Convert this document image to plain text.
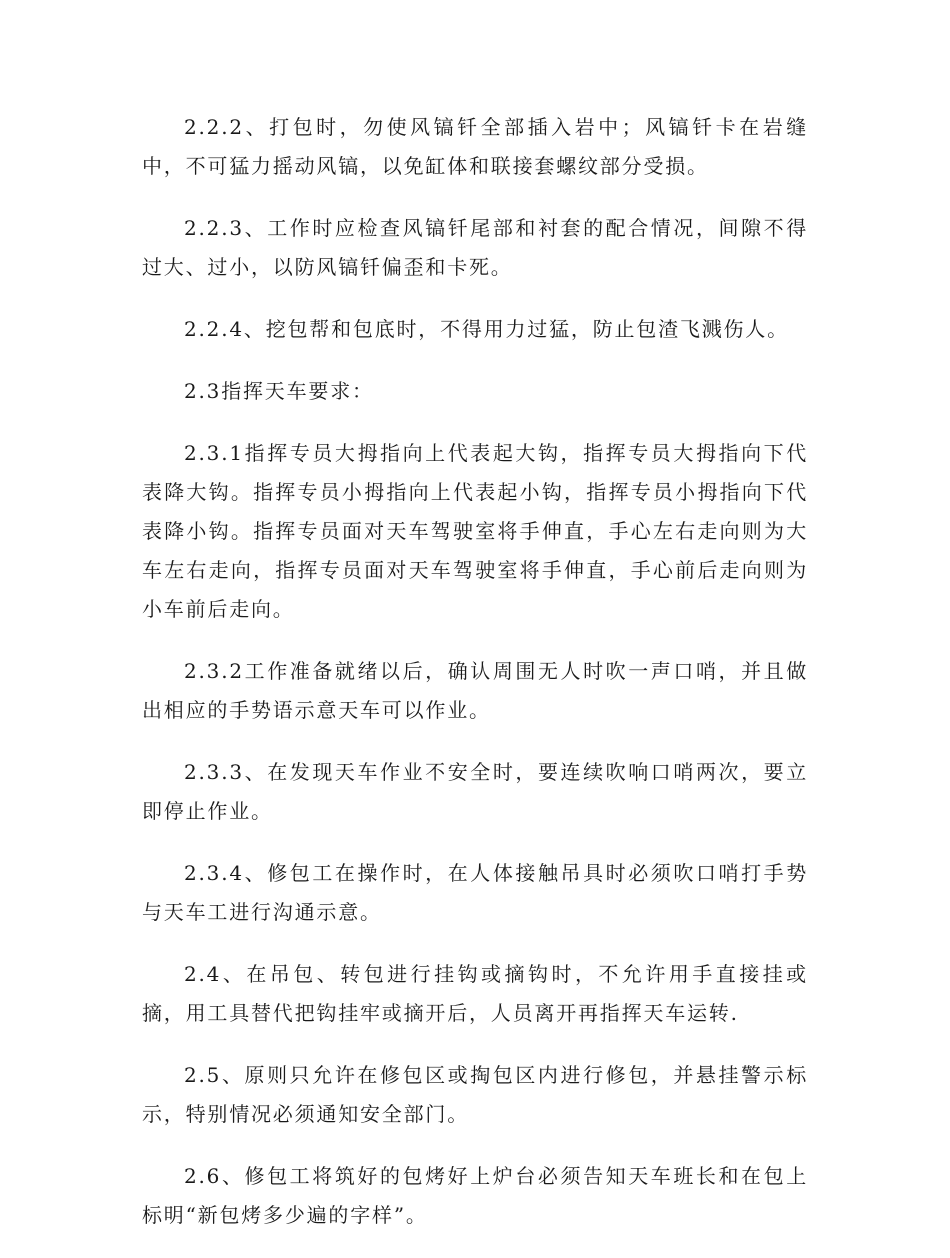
2.2.2、打包时，勿使风镐钎全部插入岩中；风镐钎卡在岩缝中，不可猛力摇动风镐，以免缸体和联接套螺纹部分受损。

2.2.3、工作时应检查风镐钎尾部和衬套的配合情况，间隙不得过大、过小，以防风镐钎偏歪和卡死。

2.2.4、挖包帮和包底时，不得用力过猛，防止包渣飞溅伤人。

2.3指挥天车要求：

2.3.1指挥专员大拇指向上代表起大钩，指挥专员大拇指向下代表降大钩。指挥专员小拇指向上代表起小钩，指挥专员小拇指向下代表降小钩。指挥专员面对天车驾驶室将手伸直，手心左右走向则为大车左右走向，指挥专员面对天车驾驶室将手伸直，手心前后走向则为小车前后走向。

2.3.2工作准备就绪以后，确认周围无人时吹一声口哨，并且做出相应的手势语示意天车可以作业。

2.3.3、在发现天车作业不安全时，要连续吹响口哨两次，要立即停止作业。

2.3.4、修包工在操作时，在人体接触吊具时必须吹口哨打手势与天车工进行沟通示意。

2.4、在吊包、转包进行挂钩或摘钩时，不允许用手直接挂或摘，用工具替代把钩挂牢或摘开后，人员离开再指挥天车运转.

2.5、原则只允许在修包区或掏包区内进行修包，并悬挂警示标示，特别情况必须通知安全部门。

2.6、修包工将筑好的包烤好上炉台必须告知天车班长和在包上标明“新包烤多少遍的字样”。
